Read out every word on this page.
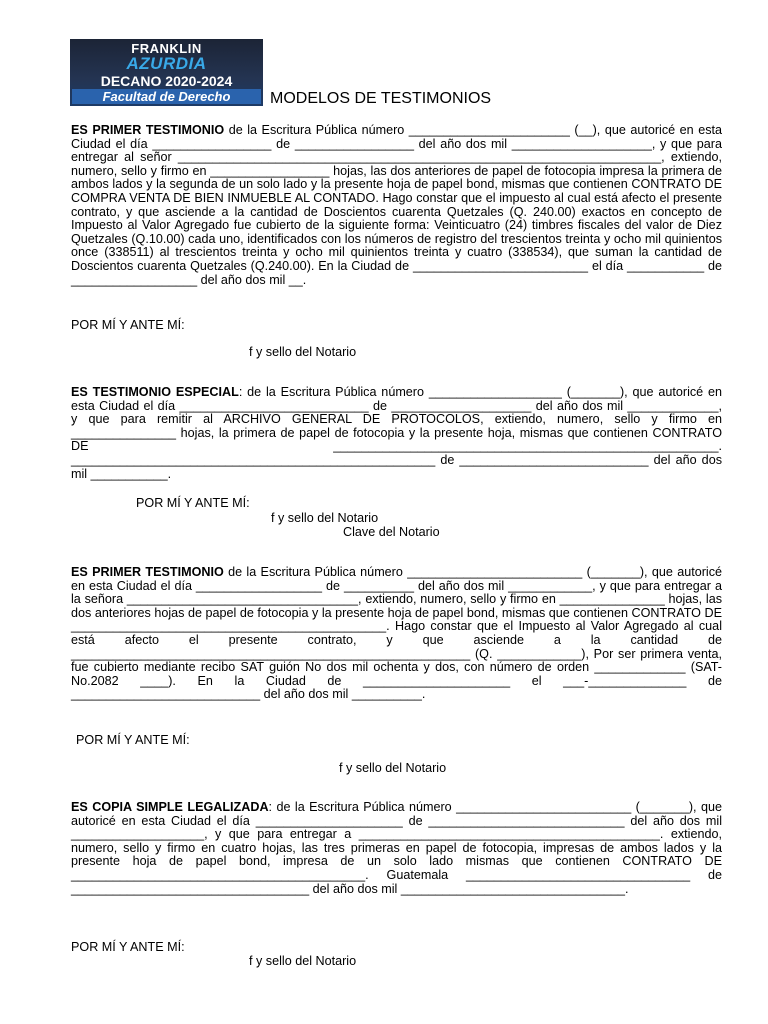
FRANKLIN
AZURDIA
DECANO 2020-2024
Facultad de Derecho	MODELOS DE TESTIMONIOS

ES PRIMER TESTIMONIO de la Escritura Pública número _______________________ (__), que autoricé en esta Ciudad el día _________________ de _________________ del año dos mil ____________________, y que para entregar al señor _____________________________________________________________________, extiendo, numero, sello y firmo en _________________ hojas, las dos anteriores de papel de fotocopia impresa la primera de ambos lados y la segunda de un solo lado y la presente hoja de papel bond, mismas que contienen CONTRATO DE COMPRA VENTA DE BIEN INMUEBLE AL CONTADO. Hago constar que el impuesto al cual está afecto el presente contrato, y que asciende a la cantidad de Doscientos cuarenta Quetzales (Q. 240.00) exactos en concepto de Impuesto al Valor Agregado fue cubierto de la siguiente forma: Veinticuatro (24) timbres fiscales del valor de Diez Quetzales (Q.10.00) cada uno, identificados con los números de registro del trescientos treinta y ocho mil quinientos once (338511) al trescientos treinta y ocho mil quinientos treinta y cuatro (338534), que suman la cantidad de Doscientos cuarenta Quetzales (Q.240.00). En la Ciudad de _________________________ el día ___________ de __________________ del año dos mil __.

POR MÍ Y ANTE MÍ:
f y sello del Notario

ES TESTIMONIO ESPECIAL: de la Escritura Pública número ___________________ (_______), que autoricé en esta Ciudad el día ___________________________ de ____________________ del año dos mil _____________, y que para remitir al ARCHIVO GENERAL DE PROTOCOLOS, extiendo, numero, sello y firmo en _______________ hojas, la primera de papel de fotocopia y la presente hoja, mismas que contienen CONTRATO DE _______________________________________________________. ____________________________________________________ de ___________________________ del año dos mil ___________.

POR MÍ Y ANTE MÍ:
f y sello del Notario
Clave del Notario

ES PRIMER TESTIMONIO de la Escritura Pública número _________________________ (_______), que autoricé en esta Ciudad el día __________________ de __________ del año dos mil ____________, y que para entregar a la señora _________________________________, extiendo, numero, sello y firmo en _______________ hojas, las dos anteriores hojas de papel de fotocopia y la presente hoja de papel bond, mismas que contienen CONTRATO DE _____________________________________________. Hago constar que el Impuesto al Valor Agregado al cual está afecto el presente contrato, y que asciende a la cantidad de _________________________________________________________ (Q. ____________), Por ser primera venta, fue cubierto mediante recibo SAT guión No dos mil ochenta y dos, con número de orden _____________ (SAT-No.2082 ____). En la Ciudad de _____________________ el ___-______________ de ___________________________ del año dos mil __________.

POR MÍ Y ANTE MÍ:
f y sello del Notario

ES COPIA SIMPLE LEGALIZADA: de la Escritura Pública número _________________________ (_______), que autoricé en esta Ciudad el día _____________________ de ____________________________ del año dos mil ___________________, y que para entregar a ___________________________________________. extiendo, numero, sello y firmo en cuatro hojas, las tres primeras en papel de fotocopia, impresas de ambos lados y la presente hoja de papel bond, impresa de un solo lado mismas que contienen CONTRATO DE __________________________________________. Guatemala ________________________________ de __________________________________ del año dos mil ________________________________.

POR MÍ Y ANTE MÍ:
f y sello del Notario
